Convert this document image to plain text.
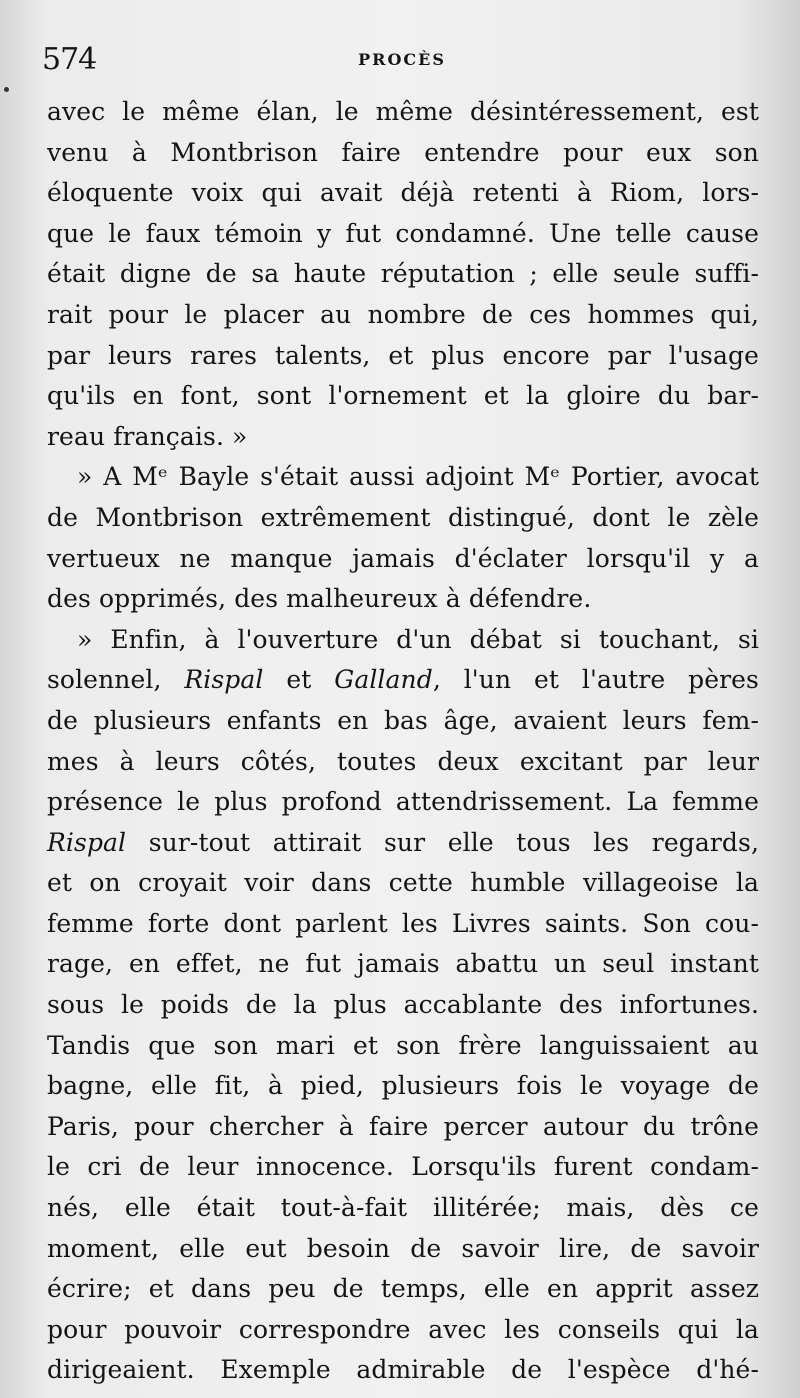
574	PROCÈS
avec le même élan, le même désintéressement, est
venu à Montbrison faire entendre pour eux son
éloquente voix qui avait déjà retenti à Riom, lors-
que le faux témoin y fut condamné. Une telle cause
était digne de sa haute réputation ; elle seule suffi-
rait pour le placer au nombre de ces hommes qui,
par leurs rares talents, et plus encore par l'usage
qu'ils en font, sont l'ornement et la gloire du bar-
reau français. »
» A Mᵉ Bayle s'était aussi adjoint Mᵉ Portier, avocat
de Montbrison extrêmement distingué, dont le zèle
vertueux ne manque jamais d'éclater lorsqu'il y a
des opprimés, des malheureux à défendre.
» Enfin, à l'ouverture d'un débat si touchant, si
solennel, Rispal et Galland, l'un et l'autre pères
de plusieurs enfants en bas âge, avaient leurs fem-
mes à leurs côtés, toutes deux excitant par leur
présence le plus profond attendrissement. La femme
Rispal sur-tout attirait sur elle tous les regards,
et on croyait voir dans cette humble villageoise la
femme forte dont parlent les Livres saints. Son cou-
rage, en effet, ne fut jamais abattu un seul instant
sous le poids de la plus accablante des infortunes.
Tandis que son mari et son frère languissaient au
bagne, elle fit, à pied, plusieurs fois le voyage de
Paris, pour chercher à faire percer autour du trône
le cri de leur innocence. Lorsqu'ils furent condam-
nés, elle était tout-à-fait illitérée; mais, dès ce
moment, elle eut besoin de savoir lire, de savoir
écrire; et dans peu de temps, elle en apprit assez
pour pouvoir correspondre avec les conseils qui la
dirigeaient. Exemple admirable de l'espèce d'hé-
